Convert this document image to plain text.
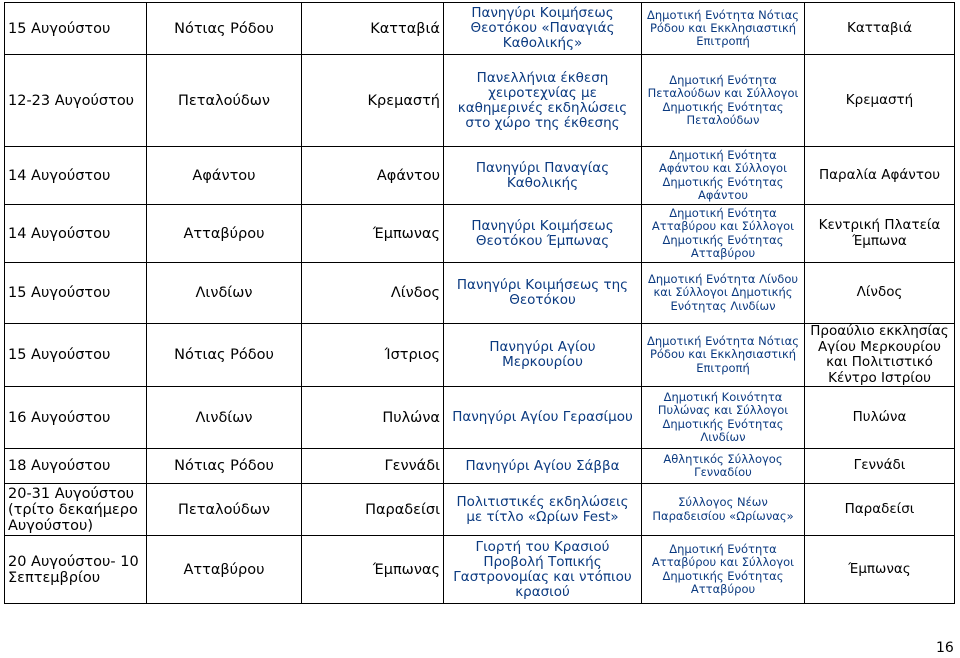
15 Αυγούστου	Νότιας Ρόδου	Κατταβιά	Πανηγύρι Κοιμήσεως Θεοτόκου «Παναγιάς Καθολικής»	Δημοτική Ενότητα Νότιας Ρόδου και Εκκλησιαστική Επιτροπή	Κατταβιά
12-23 Αυγούστου	Πεταλούδων	Κρεμαστή	Πανελλήνια έκθεση χειροτεχνίας με καθημερινές εκδηλώσεις στο χώρο της έκθεσης	Δημοτική Ενότητα Πεταλούδων και Σύλλογοι Δημοτικής Ενότητας Πεταλούδων	Κρεμαστή
14 Αυγούστου	Αφάντου	Αφάντου	Πανηγύρι Παναγίας Καθολικής	Δημοτική Ενότητα Αφάντου και Σύλλογοι Δημοτικής Ενότητας Αφάντου	Παραλία Αφάντου
14 Αυγούστου	Ατταβύρου	Έμπωνας	Πανηγύρι Κοιμήσεως Θεοτόκου Έμπωνας	Δημοτική Ενότητα Ατταβύρου και Σύλλογοι Δημοτικής Ενότητας Ατταβύρου	Κεντρική Πλατεία Έμπωνα
15 Αυγούστου	Λινδίων	Λίνδος	Πανηγύρι Κοιμήσεως της Θεοτόκου	Δημοτική Ενότητα Λίνδου και Σύλλογοι Δημοτικής Ενότητας Λινδίων	Λίνδος
15 Αυγούστου	Νότιας Ρόδου	Ίστριος	Πανηγύρι Αγίου Μερκουρίου	Δημοτική Ενότητα Νότιας Ρόδου και Εκκλησιαστική Επιτροπή	Προαύλιο εκκλησίας Αγίου Μερκουρίου και Πολιτιστικό Κέντρο Ιστρίου
16 Αυγούστου	Λινδίων	Πυλώνα	Πανηγύρι Αγίου Γερασίμου	Δημοτική Κοινότητα Πυλώνας και Σύλλογοι Δημοτικής Ενότητας Λινδίων	Πυλώνα
18 Αυγούστου	Νότιας Ρόδου	Γεννάδι	Πανηγύρι Αγίου Σάββα	Αθλητικός Σύλλογος Γενναδίου	Γεννάδι
20-31 Αυγούστου (τρίτο δεκαήμερο Αυγούστου)	Πεταλούδων	Παραδείσι	Πολιτιστικές εκδηλώσεις με τίτλο «Ωρίων Fest»	Σύλλογος Νέων Παραδεισίου «Ωρίωνας»	Παραδείσι
20 Αυγούστου- 10 Σεπτεμβρίου	Ατταβύρου	Έμπωνας	Γιορτή του Κρασιού Προβολή Τοπικής Γαστρονομίας και ντόπιου κρασιού	Δημοτική Ενότητα Ατταβύρου και Σύλλογοι Δημοτικής Ενότητας Ατταβύρου	Έμπωνας
16
